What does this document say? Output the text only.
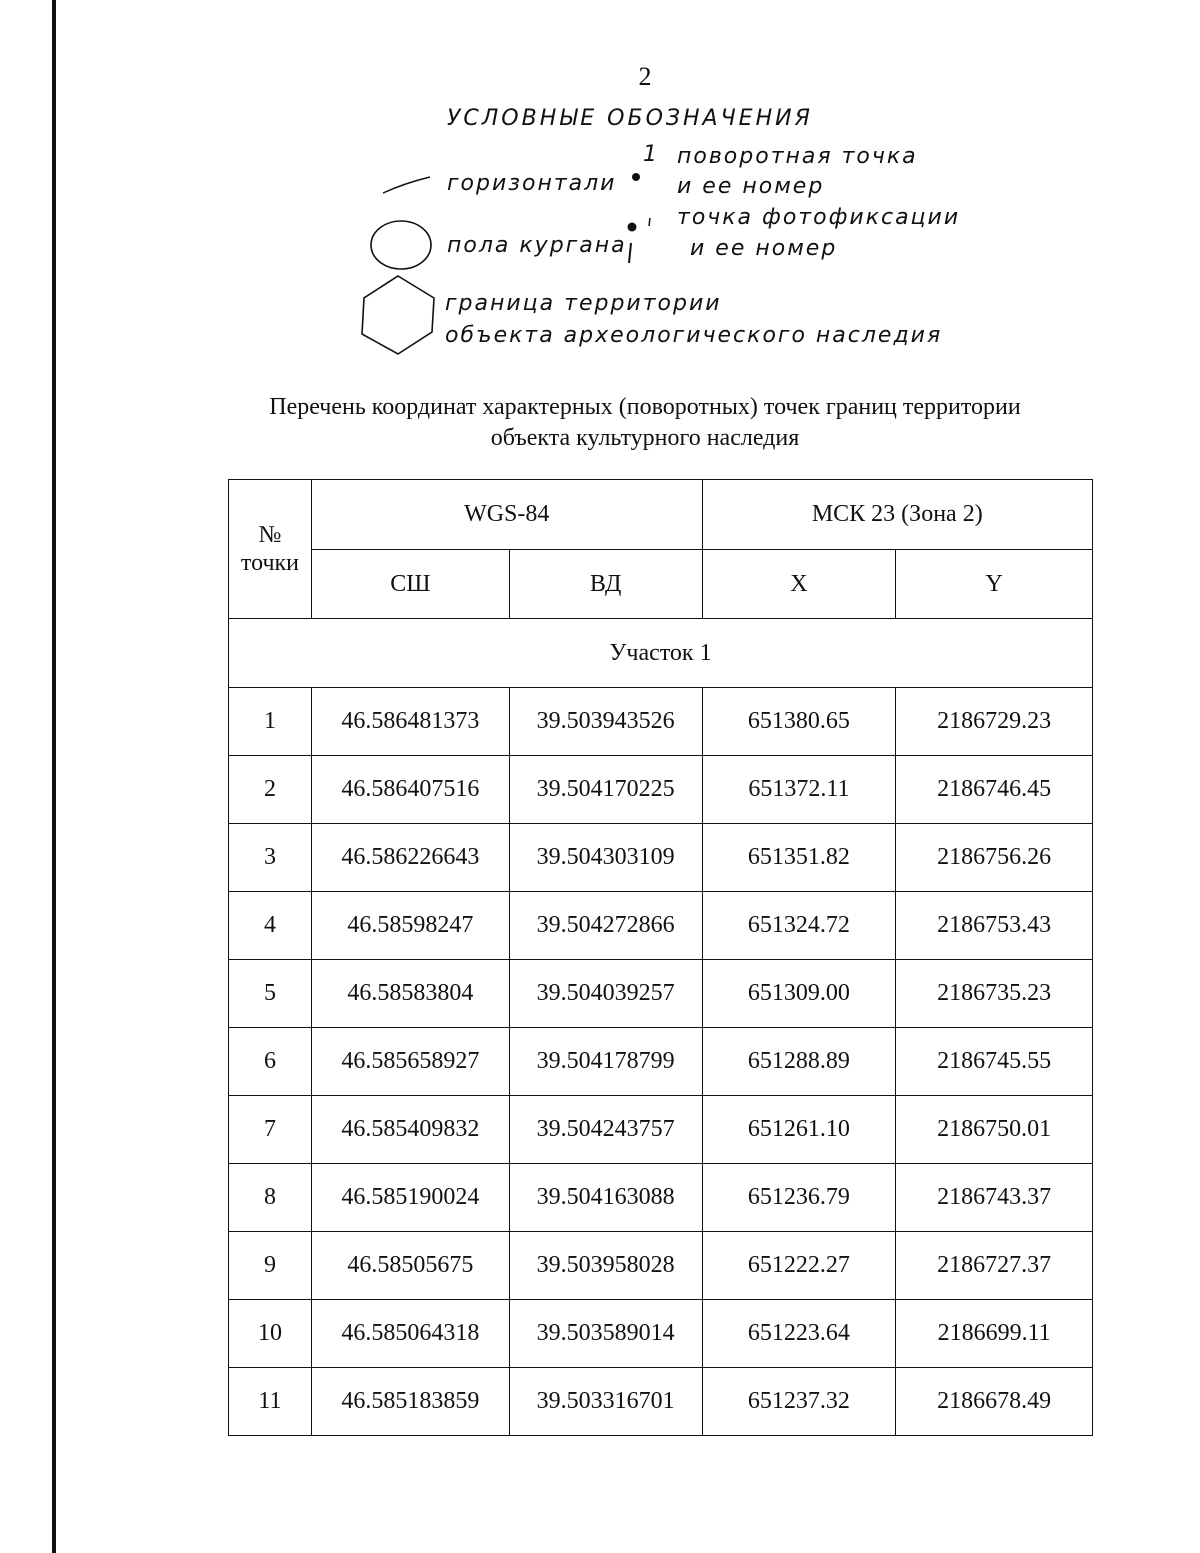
2
УСЛОВНЫЕ ОБОЗНАЧЕНИЯ
горизонтали
1 поворотная точка
и ее номер
точка фотофиксации
пола кургана	и ее номер
граница территории
объекта археологического наследия
Перечень координат характерных (поворотных) точек границ территории
объекта культурного наследия
№
точки	WGS-84		МСК 23 (Зона 2)	
	СШ	ВД	X	Y
Участок 1				
1	46.586481373	39.503943526	651380.65	2186729.23
2	46.586407516	39.504170225	651372.11	2186746.45
3	46.586226643	39.504303109	651351.82	2186756.26
4	46.58598247	39.504272866	651324.72	2186753.43
5	46.58583804	39.504039257	651309.00	2186735.23
6	46.585658927	39.504178799	651288.89	2186745.55
7	46.585409832	39.504243757	651261.10	2186750.01
8	46.585190024	39.504163088	651236.79	2186743.37
9	46.58505675	39.503958028	651222.27	2186727.37
10	46.585064318	39.503589014	651223.64	2186699.11
11	46.585183859	39.503316701	651237.32	2186678.49
